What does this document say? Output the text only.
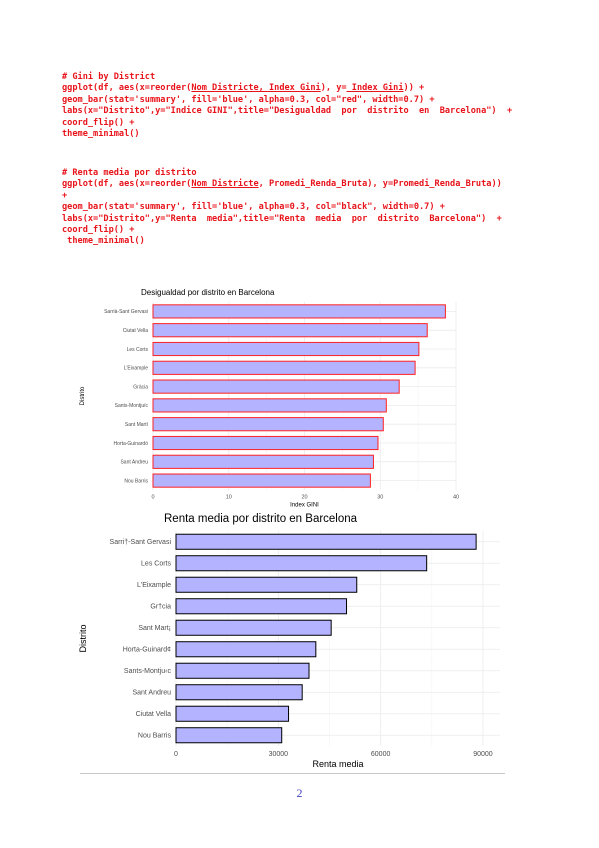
# Gini by District
ggplot(df, aes(x=reorder(Nom_Districte, Index_Gini), y=_Index_Gini)) +
geom_bar(stat='summary', fill='blue', alpha=0.3, col="red", width=0.7) +
labs(x="Distrito",y="Indice GINI",title="Desigualdad  por  distrito  en  Barcelona")  +
coord_flip() +
theme_minimal()
# Renta media por distrito
ggplot(df, aes(x=reorder(Nom_Districte, Promedi_Renda_Bruta), y=Promedi_Renda_Bruta))
+
geom_bar(stat='summary', fill='blue', alpha=0.3, col="black", width=0.7) +
labs(x="Distrito",y="Renta  media",title="Renta  media  por  distrito  Barcelona")  +
coord_flip() +
theme_minimal()
Sarrià-Sant Gervasi
Ciutat Vella
Les Corts
L'Eixample
Gràcia
Sants-Montjuïc
Sant Martí
Horta-Guinardó
Sant Andreu
Nou Barris
0	10	20	30	40
Desigualdad por distrito en Barcelona
Index GINI
Distrito
Sarri†-Sant Gervasi
Les Corts
L'Eixample
Gr†cia
Sant Mart¡
Horta-Guinard¢
Sants-Montju‹c
Sant Andreu
Ciutat Vella
Nou Barris
0	30000	60000	90000
Renta media por distrito en Barcelona
Renta media
Distrito
2
